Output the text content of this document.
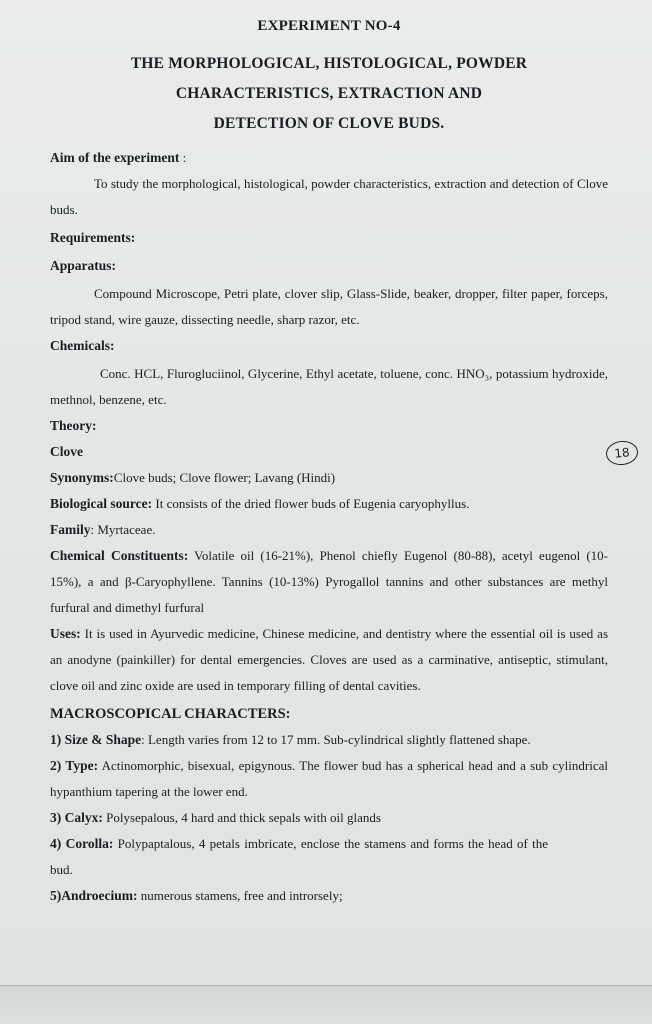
EXPERIMENT NO-4
THE MORPHOLOGICAL, HISTOLOGICAL, POWDER
CHARACTERISTICS, EXTRACTION AND
DETECTION OF CLOVE BUDS.
Aim of the experiment :
To study the morphological, histological, powder characteristics, extraction and detection of Clove buds.
Requirements:
Apparatus:
Compound Microscope, Petri plate, clover slip, Glass-Slide, beaker, dropper, filter paper, forceps, tripod stand, wire gauze, dissecting needle, sharp razor, etc.
Chemicals:
Conc. HCL, Flurogluciinol, Glycerine, Ethyl acetate, toluene, conc. HNO₃, potassium hydroxide, methnol, benzene, etc.
Theory:
Clove
Synonyms:Clove buds; Clove flower; Lavang (Hindi)
Biological source: It consists of the dried flower buds of Eugenia caryophyllus.
Family: Myrtaceae.
Chemical Constituents: Volatile oil (16-21%), Phenol chiefly Eugenol (80-88), acetyl eugenol (10- 15%), a and β-Caryophyllene. Tannins (10-13%) Pyrogallol tannins and other substances are methyl furfural and dimethyl furfural
Uses: It is used in Ayurvedic medicine, Chinese medicine, and dentistry where the essential oil is used as an anodyne (painkiller) for dental emergencies. Cloves are used as a carminative, antiseptic, stimulant, clove oil and zinc oxide are used in temporary filling of dental cavities.
MACROSCOPICAL CHARACTERS:
1) Size & Shape: Length varies from 12 to 17 mm. Sub-cylindrical slightly flattened shape.
2) Type: Actinomorphic, bisexual, epigynous. The flower bud has a spherical head and a sub cylindrical hypanthium tapering at the lower end.
3) Calyx: Polysepalous, 4 hard and thick sepals with oil glands
4) Corolla: Polypaptalous, 4 petals imbricate, enclose the stamens and forms the head of the bud.
5)Androecium: numerous stamens, free and introrsely;
18
